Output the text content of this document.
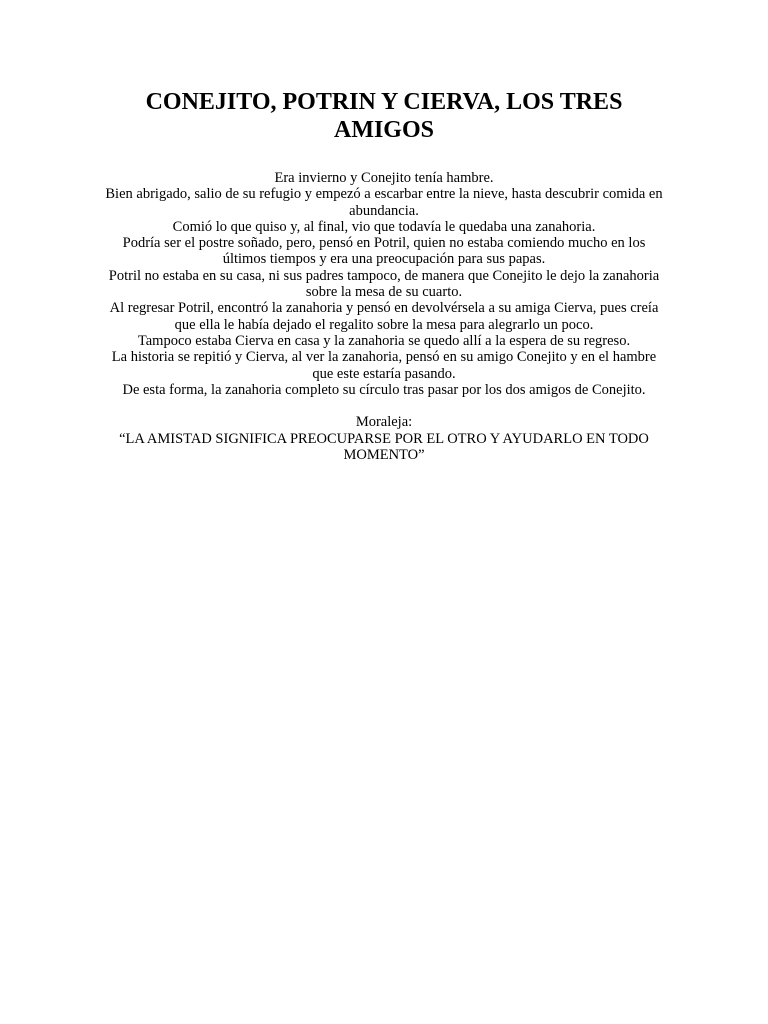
CONEJITO, POTRIN Y CIERVA, LOS TRES AMIGOS

Era invierno y Conejito tenía hambre.

Bien abrigado, salio de su refugio y empezó a escarbar entre la nieve, hasta descubrir comida en abundancia.

Comió lo que quiso y, al final, vio que todavía le quedaba una zanahoria.

Podría ser el postre soñado, pero, pensó en Potril, quien no estaba comiendo mucho en los últimos tiempos y era una preocupación para sus papas.

Potril no estaba en su casa, ni sus padres tampoco, de manera que Conejito le dejo la zanahoria sobre la mesa de su cuarto.

Al regresar Potril, encontró la zanahoria y pensó en devolvérsela a su amiga Cierva, pues creía que ella le había dejado el regalito sobre la mesa para alegrarlo un poco.

Tampoco estaba Cierva en casa y la zanahoria se quedo allí a la espera de su regreso.

La historia se repitió y Cierva, al ver la zanahoria, pensó en su amigo Conejito y en el hambre que este estaría pasando.

De esta forma, la zanahoria completo su círculo tras pasar por los dos amigos de Conejito.

Moraleja:

“LA AMISTAD SIGNIFICA PREOCUPARSE POR EL OTRO Y AYUDARLO EN TODO MOMENTO”
